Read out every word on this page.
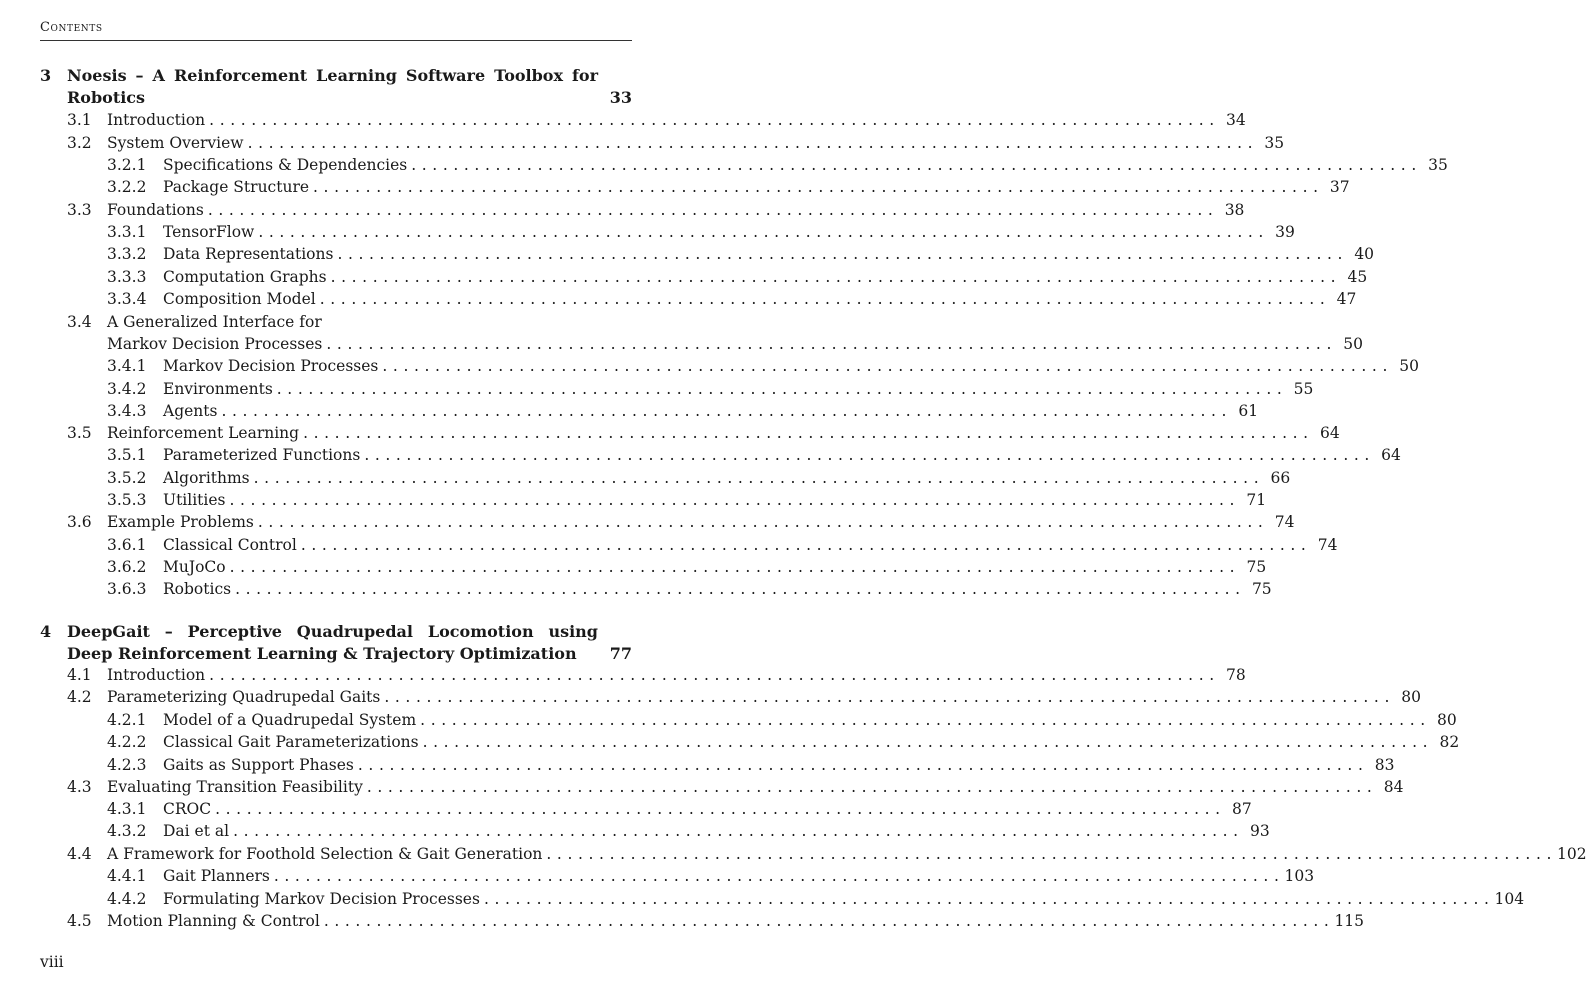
Contents
3 Noesis – A Reinforcement Learning Software Toolbox for Robotics	33
3.1 Introduction ................................................................................................ 34
3.2 System Overview ................................................................................................ 35
3.2.1	Specifications & Dependencies ................................................................................................ 35
3.2.2	Package Structure ................................................................................................ 37
3.3 Foundations ................................................................................................ 38
3.3.1	TensorFlow ................................................................................................ 39
3.3.2	Data Representations ................................................................................................ 40
3.3.3	Computation Graphs ................................................................................................ 45
3.3.4	Composition Model ................................................................................................ 47
3.4 A Generalized Interface for
Markov Decision Processes ................................................................................................ 50
3.4.1	Markov Decision Processes ................................................................................................ 50
3.4.2	Environments ................................................................................................ 55
3.4.3	Agents ................................................................................................ 61
3.5 Reinforcement Learning ................................................................................................ 64
3.5.1	Parameterized Functions ................................................................................................ 64
3.5.2	Algorithms ................................................................................................ 66
3.5.3	Utilities ................................................................................................ 71
3.6 Example Problems ................................................................................................ 74
3.6.1	Classical Control ................................................................................................ 74
3.6.2	MuJoCo ................................................................................................ 75
3.6.3	Robotics ................................................................................................ 75
4 DeepGait – Perceptive Quadrupedal Locomotion using Deep Reinforcement Learning & Trajectory Optimization	77
4.1 Introduction ................................................................................................ 78
4.2 Parameterizing Quadrupedal Gaits ................................................................................................ 80
4.2.1	Model of a Quadrupedal System ................................................................................................ 80
4.2.2	Classical Gait Parameterizations ................................................................................................ 82
4.2.3	Gaits as Support Phases ................................................................................................ 83
4.3 Evaluating Transition Feasibility ................................................................................................ 84
4.3.1	CROC ................................................................................................ 87
4.3.2	Dai et al ................................................................................................ 93
4.4 A Framework for Foothold Selection & Gait Generation ................................................................................................ 102
4.4.1	Gait Planners ................................................................................................ 103
4.4.2	Formulating Markov Decision Processes ................................................................................................ 104
4.5 Motion Planning & Control ................................................................................................ 115
viii
